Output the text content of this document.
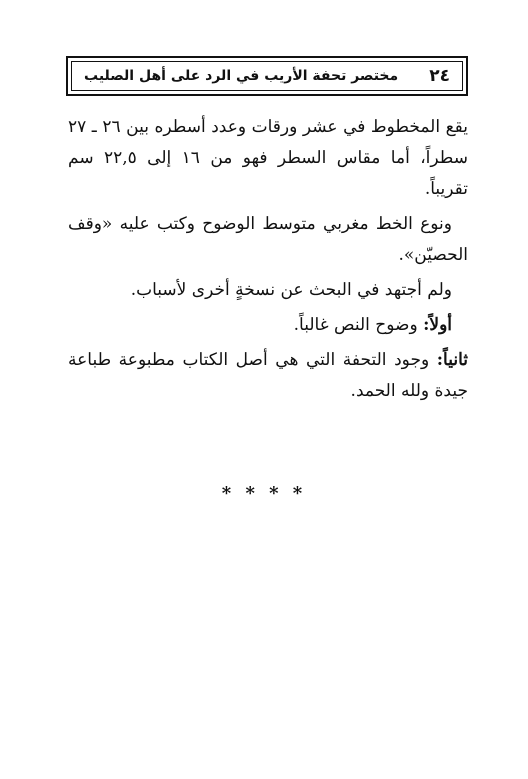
٢٤
مختصر تحفة الأريب في الرد على أهل الصليب

يقع المخطوط في عشر ورقات وعدد أسطره بين ٢٦ ـ ٢٧ سطراً، أما مقاس السطر فهو من ١٦ إلى ٢٢,٥ سم تقريباً.

ونوع الخط مغربي متوسط الوضوح وكتب عليه «وقف الحصيّن».

ولم أجتهد في البحث عن نسخةٍ أخرى لأسباب.

أولاً: وضوح النص غالباً.

ثانياً: وجود التحفة التي هي أصل الكتاب مطبوعة طباعة جيدة ولله الحمد.

* * * *
